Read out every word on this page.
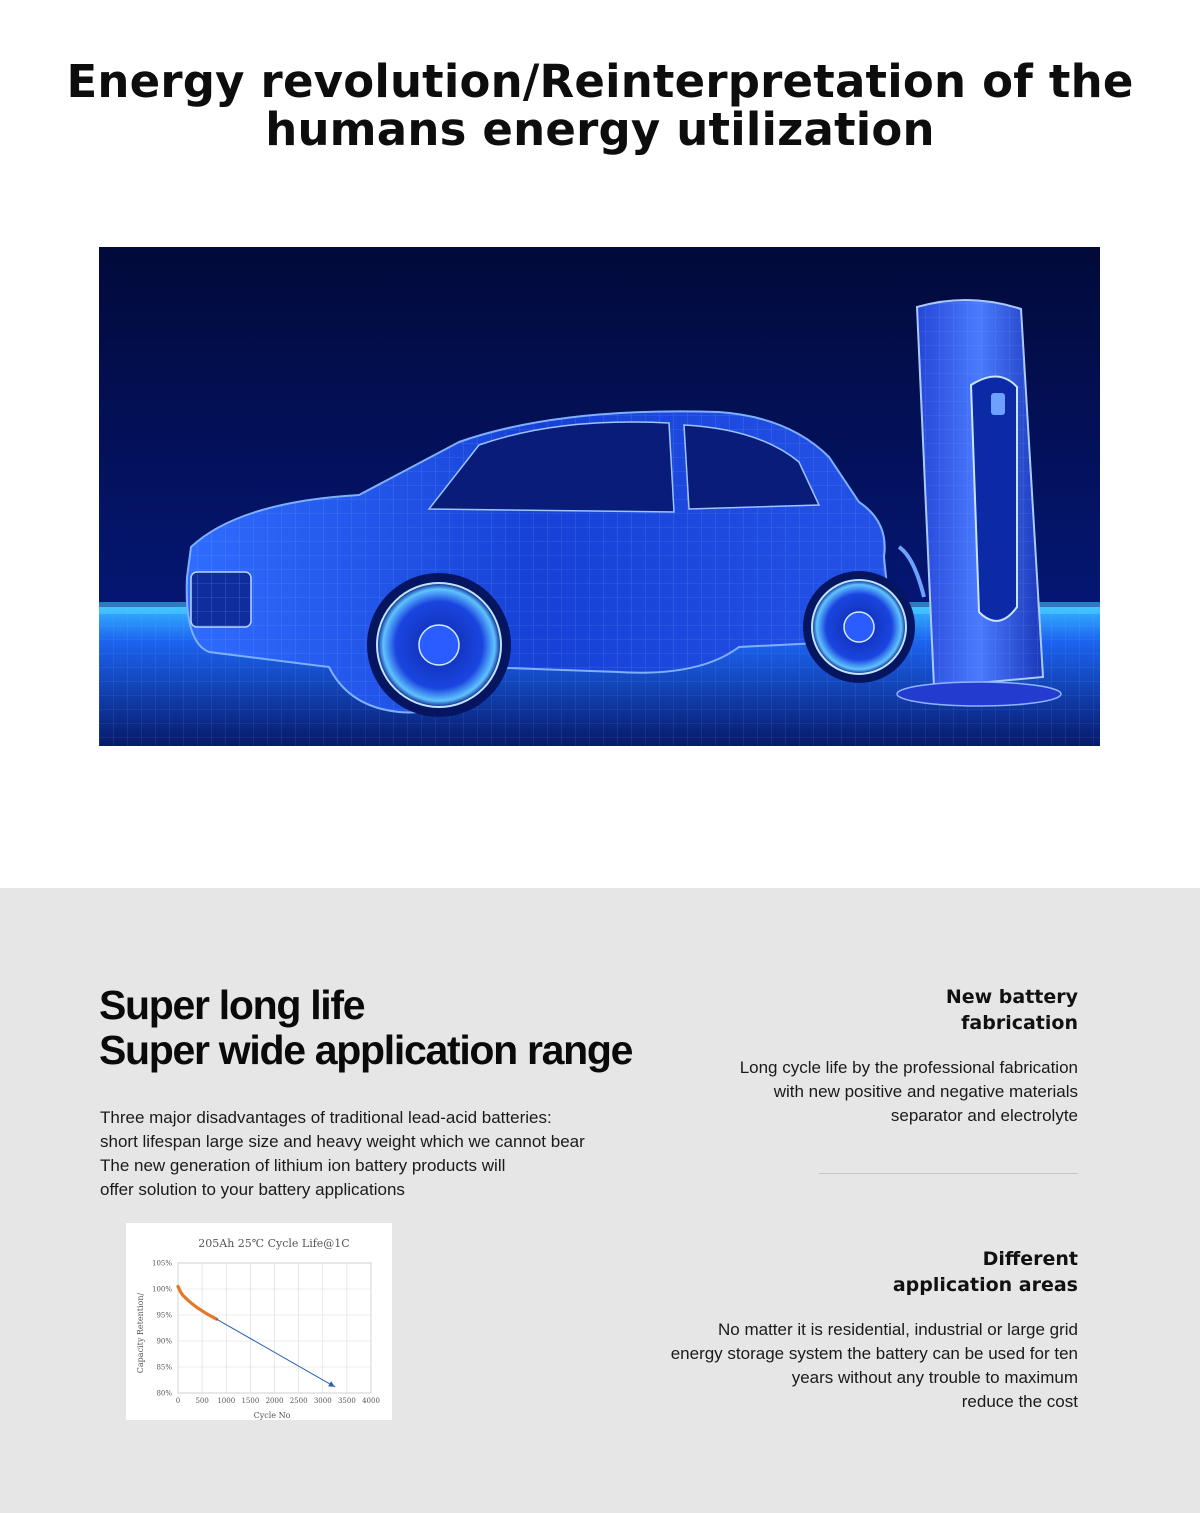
Energy revolution/Reinterpretation of the
humans energy utilization
Super long life
Super wide application range
Three major disadvantages of traditional lead-acid batteries:
short lifespan large size and heavy weight which we cannot bear
The new generation of lithium ion battery products will
offer solution to your battery applications
205Ah 25℃ Cycle Life@1C
80%
85%
90%
95%
100%
105%
0 500 1000 1500 2000 2500 3000 3500 4000
Cycle No
Capacity Retention/
New battery
fabrication
Long cycle life by the professional fabrication
with new positive and negative materials
separator and electrolyte
Different
application areas
No matter it is residential, industrial or large grid
energy storage system the battery can be used for ten
years without any trouble to maximum
reduce the cost
